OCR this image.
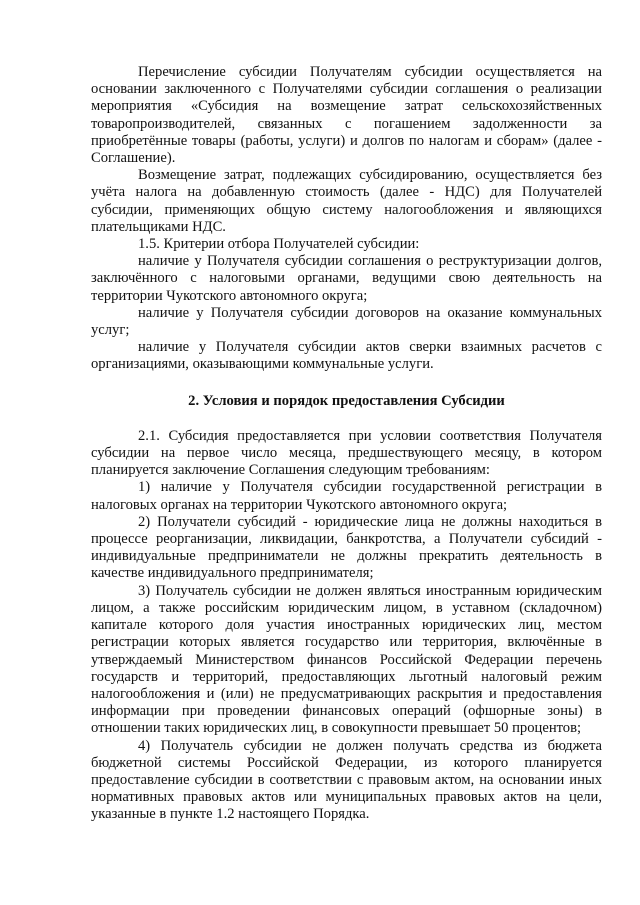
Перечисление субсидии Получателям субсидии осуществляется на основании заключенного с Получателями субсидии соглашения о реализации мероприятия «Субсидия на возмещение затрат сельскохозяйственных товаропроизводителей, связанных с погашением задолженности за приобретённые товары (работы, услуги) и долгов по налогам и сборам» (далее - Соглашение).

Возмещение затрат, подлежащих субсидированию, осуществляется без учёта налога на добавленную стоимость (далее - НДС) для Получателей субсидии, применяющих общую систему налогообложения и являющихся плательщиками НДС.

1.5. Критерии отбора Получателей субсидии:

наличие у Получателя субсидии соглашения о реструктуризации долгов, заключённого с налоговыми органами, ведущими свою деятельность на территории Чукотского автономного округа;

наличие у Получателя субсидии договоров на оказание коммунальных услуг;

наличие у Получателя субсидии актов сверки взаимных расчетов с организациями, оказывающими коммунальные услуги.

2. Условия и порядок предоставления Субсидии

2.1. Субсидия предоставляется при условии соответствия Получателя субсидии на первое число месяца, предшествующего месяцу, в котором планируется заключение Соглашения следующим требованиям:

1) наличие у Получателя субсидии государственной регистрации в налоговых органах на территории Чукотского автономного округа;

2) Получатели субсидий - юридические лица не должны находиться в процессе реорганизации, ликвидации, банкротства, а Получатели субсидий - индивидуальные предприниматели не должны прекратить деятельность в качестве индивидуального предпринимателя;

3) Получатель субсидии не должен являться иностранным юридическим лицом, а также российским юридическим лицом, в уставном (складочном) капитале которого доля участия иностранных юридических лиц, местом регистрации которых является государство или территория, включённые в утверждаемый Министерством финансов Российской Федерации перечень государств и территорий, предоставляющих льготный налоговый режим налогообложения и (или) не предусматривающих раскрытия и предоставления информации при проведении финансовых операций (офшорные зоны) в отношении таких юридических лиц, в совокупности превышает 50 процентов;

4) Получатель субсидии не должен получать средства из бюджета бюджетной системы Российской Федерации, из которого планируется предоставление субсидии в соответствии с правовым актом, на основании иных нормативных правовых актов или муниципальных правовых актов на цели, указанные в пункте 1.2 настоящего Порядка.
